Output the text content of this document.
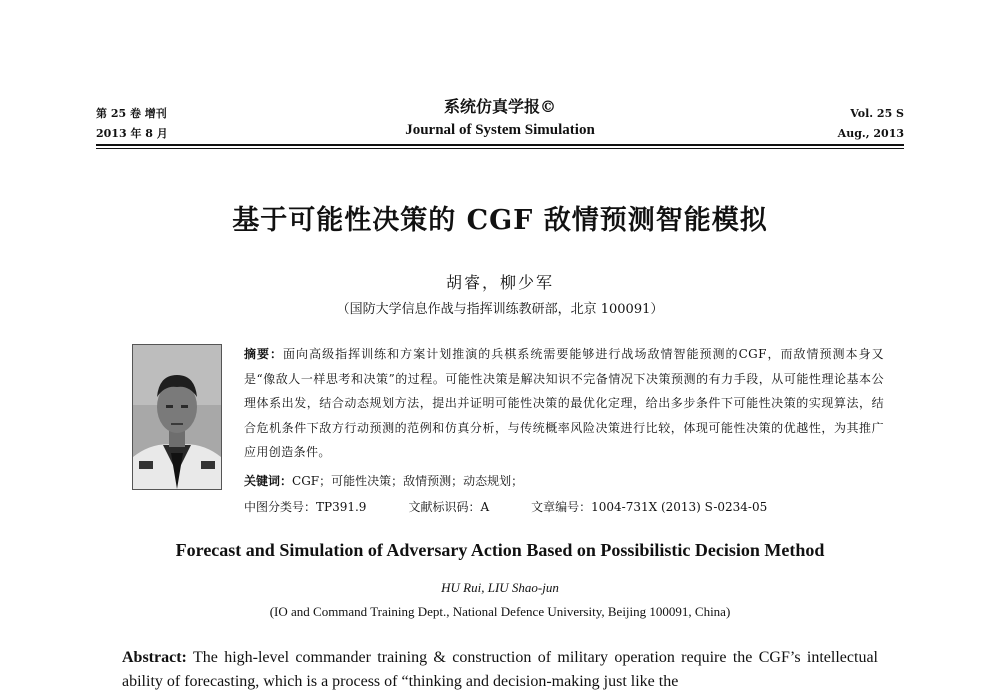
第 25 卷 增刊
2013 年 8 月
系统仿真学报©
Journal of System Simulation
Vol. 25 S
Aug., 2013
基于可能性决策的 CGF 敌情预测智能模拟
胡睿，柳少军
（国防大学信息作战与指挥训练教研部，北京 100091）
摘要：面向高级指挥训练和方案计划推演的兵棋系统需要能够进行战场敌情智能预测的CGF，而敌情预测本身又是“像敌人一样思考和决策”的过程。可能性决策是解决知识不完备情况下决策预测的有力手段，从可能性理论基本公理体系出发，结合动态规划方法，提出并证明可能性决策的最优化定理，给出多步条件下可能性决策的实现算法，结合危机条件下敌方行动预测的范例和仿真分析，与传统概率风险决策进行比较，体现可能性决策的优越性，为其推广应用创造条件。
关键词：CGF；可能性决策；敌情预测；动态规划；
中图分类号：TP391.9	文献标识码：A	文章编号：1004-731X (2013) S-0234-05
Forecast and Simulation of Adversary Action Based on Possibilistic Decision Method
HU Rui, LIU Shao-jun
(IO and Command Training Dept., National Defence University, Beijing 100091, China)
Abstract: The high-level commander training & construction of military operation require the CGF’s intellectual ability of forecasting, which is a process of “thinking and decision-making just like the
